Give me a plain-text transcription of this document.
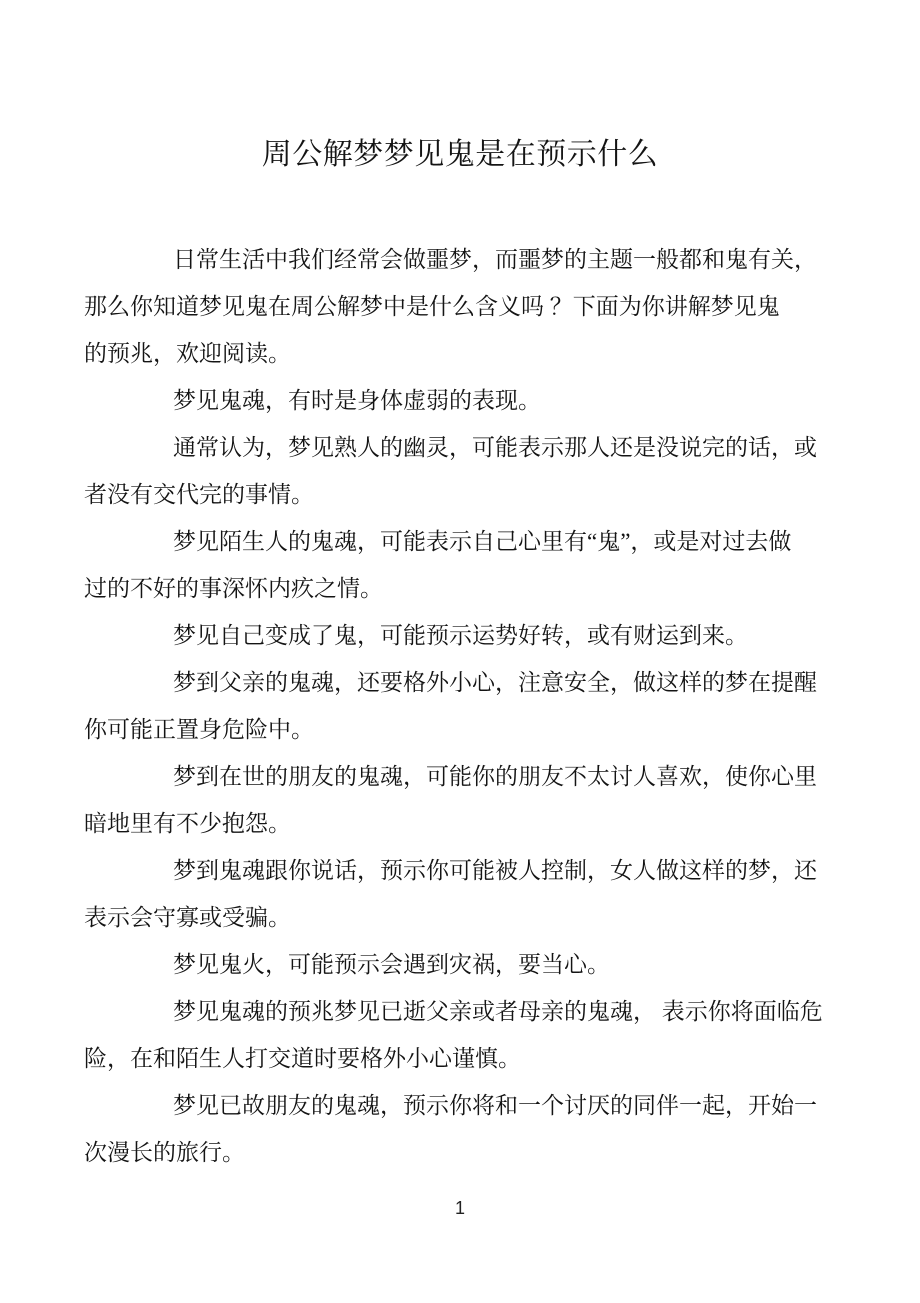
周公解梦梦见鬼是在预示什么
日常生活中我们经常会做噩梦，而噩梦的主题一般都和鬼有关，
那么你知道梦见鬼在周公解梦中是什么含义吗 ？下面为你讲解梦见鬼
的预兆，欢迎阅读。
梦见鬼魂，有时是身体虚弱的表现。
通常认为，梦见熟人的幽灵，可能表示那人还是没说完的话，或
者没有交代完的事情。
梦见陌生人的鬼魂，可能表示自己心里有“鬼”，或是对过去做
过的不好的事深怀内疚之情。
梦见自己变成了鬼，可能预示运势好转，或有财运到来。
梦到父亲的鬼魂，还要格外小心，注意安全，做这样的梦在提醒
你可能正置身危险中。
梦到在世的朋友的鬼魂，可能你的朋友不太讨人喜欢，使你心里
暗地里有不少抱怨。
梦到鬼魂跟你说话，预示你可能被人控制，女人做这样的梦，还
表示会守寡或受骗。
梦见鬼火，可能预示会遇到灾祸，要当心。
梦见鬼魂的预兆梦见已逝父亲或者母亲的鬼魂， 表示你将面临危
险，在和陌生人打交道时要格外小心谨慎。
梦见已故朋友的鬼魂，预示你将和一个讨厌的同伴一起，开始一
次漫长的旅行。
1
